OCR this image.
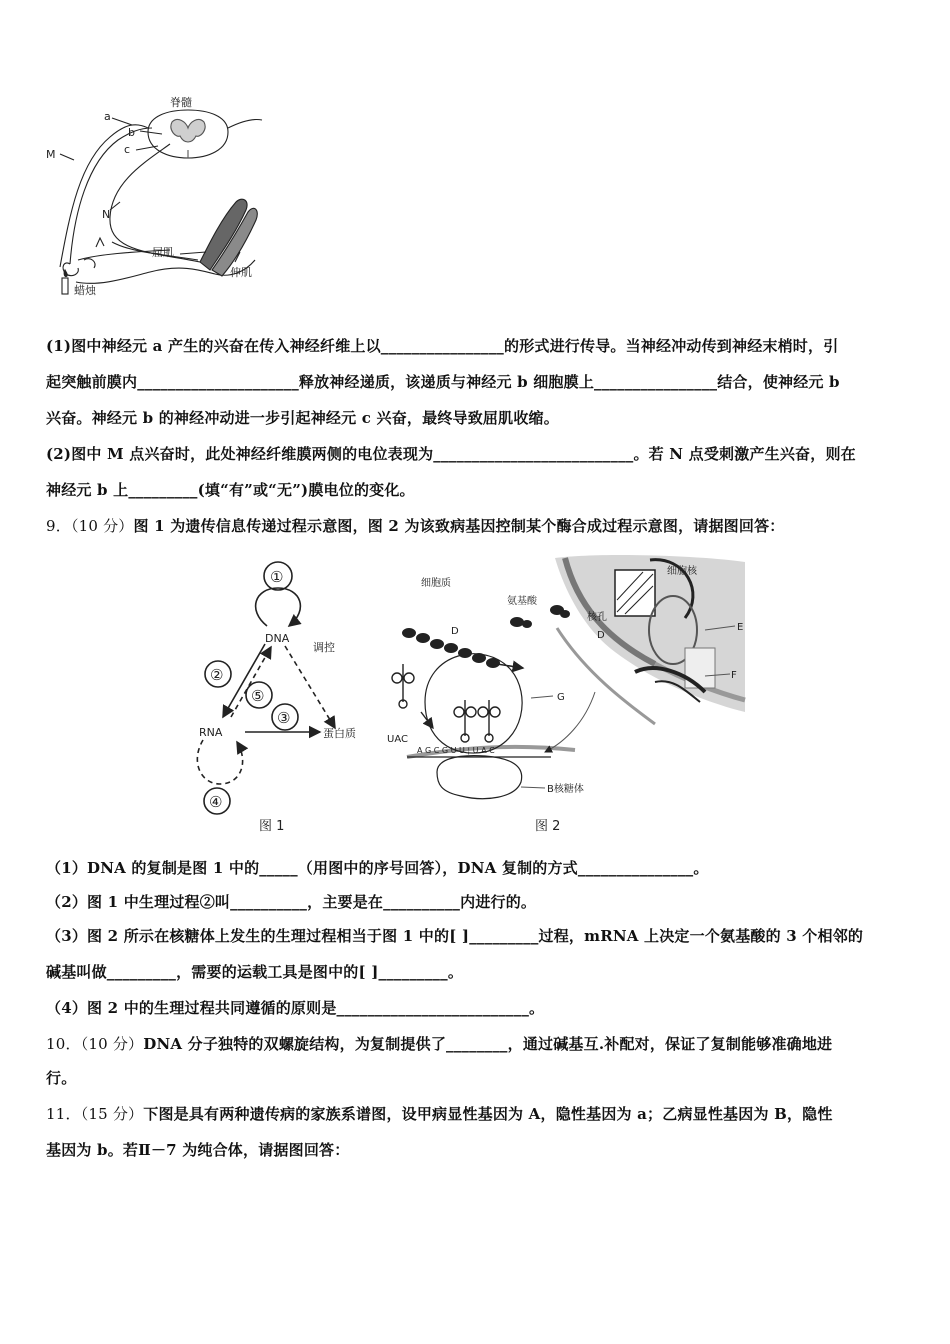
脊髓
a
b
c
M
N
屈肌
伸肌
蜡烛
①
②
⑤
③
④
DNA
RNA	蛋白质
调控
图 1
细胞质
氨基酸
细胞核
核孔
D	D
E
F
G
UAC
A G C G U U ¦ U A C
B核糖体
图 2
(1)图中神经元 a 产生的兴奋在传入神经纤维上以________________的形式进行传导。当神经冲动传到神经末梢时，引
起突触前膜内_____________________释放神经递质，该递质与神经元 b 细胞膜上________________结合，使神经元 b
兴奋。神经元 b 的神经冲动进一步引起神经元 c 兴奋，最终导致屈肌收缩。
(2)图中 M 点兴奋时，此处神经纤维膜两侧的电位表现为__________________________。若 N 点受刺激产生兴奋，则在
神经元 b 上_________(填“有”或“无”)膜电位的变化。
9．（10 分）图 1 为遗传信息传递过程示意图，图 2 为该致病基因控制某个酶合成过程示意图，请据图回答：
（1）DNA 的复制是图 1 中的_____（用图中的序号回答），DNA 复制的方式_______________。
（2）图 1 中生理过程②叫__________，主要是在__________内进行的。
（3）图 2 所示在核糖体上发生的生理过程相当于图 1 中的[ ]_________过程，mRNA 上决定一个氨基酸的 3 个相邻的
碱基叫做_________，需要的运载工具是图中的[ ]_________。
（4）图 2 中的生理过程共同遵循的原则是_________________________。
10．（10 分）DNA 分子独特的双螺旋结构，为复制提供了________，通过碱基互.补配对，保证了复制能够准确地进
行。
11．（15 分）下图是具有两种遗传病的家族系谱图，设甲病显性基因为 A，隐性基因为 a；乙病显性基因为 B，隐性
基因为 b。若Ⅱ－7 为纯合体，请据图回答：
